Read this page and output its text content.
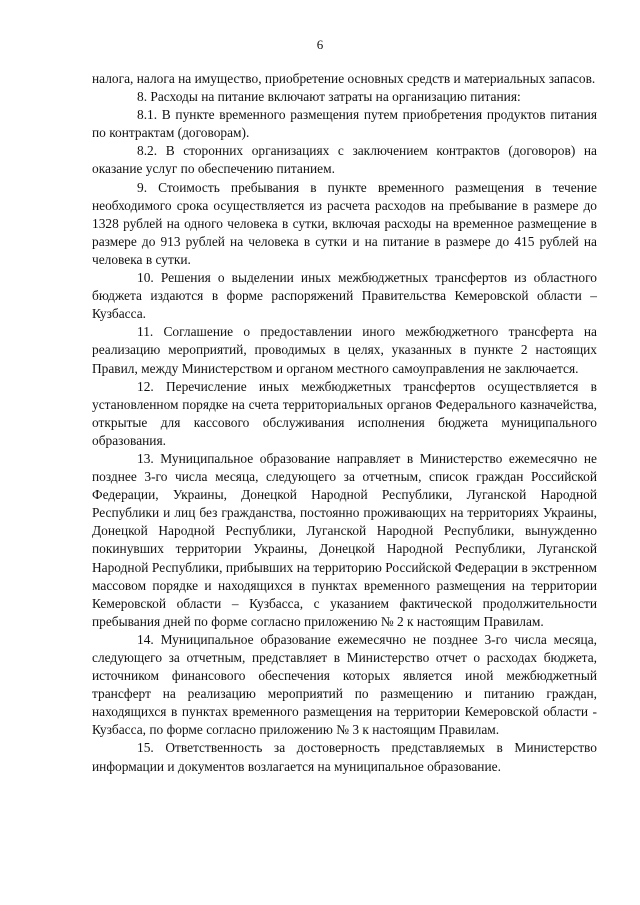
6

налога, налога на имущество, приобретение основных средств и материальных запасов.

8. Расходы на питание включают затраты на организацию питания:

8.1. В пункте временного размещения путем приобретения продуктов питания по контрактам (договорам).

8.2. В сторонних организациях с заключением контрактов (договоров) на оказание услуг по обеспечению питанием.

9. Стоимость пребывания в пункте временного размещения в течение необходимого срока осуществляется из расчета расходов на пребывание в размере до 1328 рублей на одного человека в сутки, включая расходы на временное размещение в размере до 913 рублей на человека в сутки и на питание в размере до 415 рублей на человека в сутки.

10. Решения о выделении иных межбюджетных трансфертов из областного бюджета издаются в форме распоряжений Правительства Кемеровской области – Кузбасса.

11. Соглашение о предоставлении иного межбюджетного трансферта на реализацию мероприятий, проводимых в целях, указанных в пункте 2 настоящих Правил, между Министерством и органом местного самоуправления не заключается.

12. Перечисление иных межбюджетных трансфертов осуществляется в установленном порядке на счета территориальных органов Федерального казначейства, открытые для кассового обслуживания исполнения бюджета муниципального образования.

13. Муниципальное образование направляет в Министерство ежемесячно не позднее 3-го числа месяца, следующего за отчетным, список граждан Российской Федерации, Украины, Донецкой Народной Республики, Луганской Народной Республики и лиц без гражданства, постоянно проживающих на территориях Украины, Донецкой Народной Республики, Луганской Народной Республики, вынужденно покинувших территории Украины, Донецкой Народной Республики, Луганской Народной Республики, прибывших на территорию Российской Федерации в экстренном массовом порядке и находящихся в пунктах временного размещения на территории Кемеровской области – Кузбасса, с указанием фактической продолжительности пребывания дней по форме согласно приложению № 2 к настоящим Правилам.

14. Муниципальное образование ежемесячно не позднее 3-го числа месяца, следующего за отчетным, представляет в Министерство отчет о расходах бюджета, источником финансового обеспечения которых является иной межбюджетный трансферт на реализацию мероприятий по размещению и питанию граждан, находящихся в пунктах временного размещения на территории Кемеровской области - Кузбасса, по форме согласно приложению № 3 к настоящим Правилам.

15. Ответственность за достоверность представляемых в Министерство информации и документов возлагается на муниципальное образование.
